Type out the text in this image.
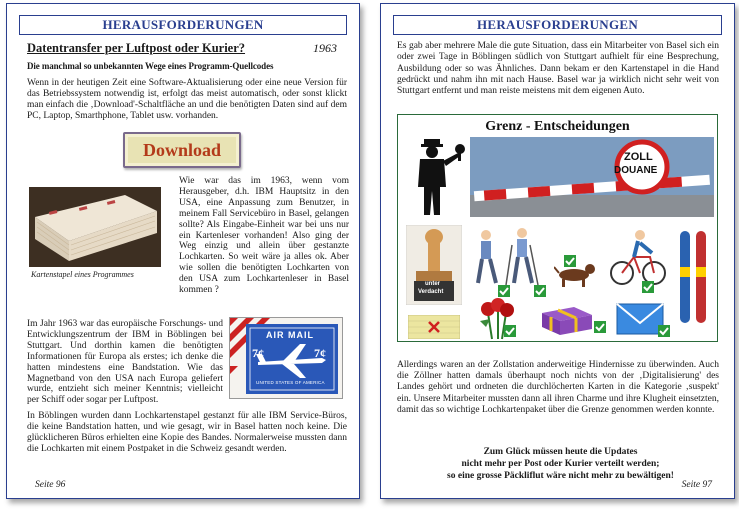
HERAUSFORDERUNGEN
Datentransfer per Luftpost oder Kurier?	1963
Die manchmal so unbekannten Wege eines Programm-Quellcodes
Wenn in der heutigen Zeit eine Software-Aktualisierung oder eine neue Version für das Betriebssystem notwendig ist, erfolgt das meist automatisch, oder sonst klickt man einfach die ‚Download'-Schaltfläche an und die benötigten Daten sind auf dem PC, Laptop, Smarthphone, Tablet usw. vorhanden.
Download
Kartenstapel eines Programmes
Wie war das im 1963, wenn vom Herausgeber, d.h. IBM Hauptsitz in den USA, eine Anpassung zum Benutzer, in meinem Fall Servicebüro in Basel, gelangen sollte? Als Eingabe-Einheit war bei uns nur ein Kartenleser vorhanden! Also ging der Weg einzig und allein über gestanzte Lochkarten. So weit wäre ja alles ok. Aber wie sollen die benötigten Lochkarten von den USA zum Lochkartenleser in Basel kommen ?
Im Jahr 1963 war das europäische Forschungs- und Entwicklungszentrum der IBM in Böblingen bei Stuttgart. Und dorthin kamen die benötigten Informationen für Europa als erstes; ich denke die hatten mindestens eine Bandstation. Wie das Magnetband von den USA nach Europa geliefert wurde, entzieht sich meiner Kenntnis; vielleicht per Schiff oder sogar per Luftpost.
AIR MAIL
7¢	7¢
UNITED STATES OF AMERICA
In Böblingen wurden dann Lochkartenstapel gestanzt für alle IBM Service-Büros, die keine Bandstation hatten, und wie gesagt, wir in Basel hatten noch keine. Die glücklicheren Büros erhielten eine Kopie des Bandes. Normalerweise mussten dann die Lochkarten mit einem Postpaket in die Schweiz gesandt werden.
Seite 96
HERAUSFORDERUNGEN
Es gab aber mehrere Male die gute Situation, dass ein Mitarbeiter von Basel sich ein oder zwei Tage in Böblingen südlich von Stuttgart aufhielt für eine Besprechung, Ausbildung oder so was Ähnliches. Dann bekam er den Kartenstapel in die Hand gedrückt und nahm ihn mit nach Hause. Basel war ja wirklich nicht sehr weit von Stuttgart entfernt und man reiste meistens mit dem eigenen Auto.
Grenz - Entscheidungen
ZOLL
DOUANE
unter
Verdacht
Allerdings waren an der Zollstation anderweitige Hindernisse zu überwinden. Auch die Zöllner hatten damals überhaupt noch nichts von der ‚Digitalisierung' des Landes gehört und ordneten die durchlöcherten Karten in die Kategorie ‚suspekt' ein. Unsere Mitarbeiter mussten dann all ihren Charme und ihre Klugheit einsetzten, damit das so wichtige Lochkartenpaket über die Grenze genommen werden konnte.
Zum Glück müssen heute die Updates
nicht mehr per Post oder Kurier verteilt werden;
so eine grosse Päckliflut wäre nicht mehr zu bewältigen!
Seite 97
